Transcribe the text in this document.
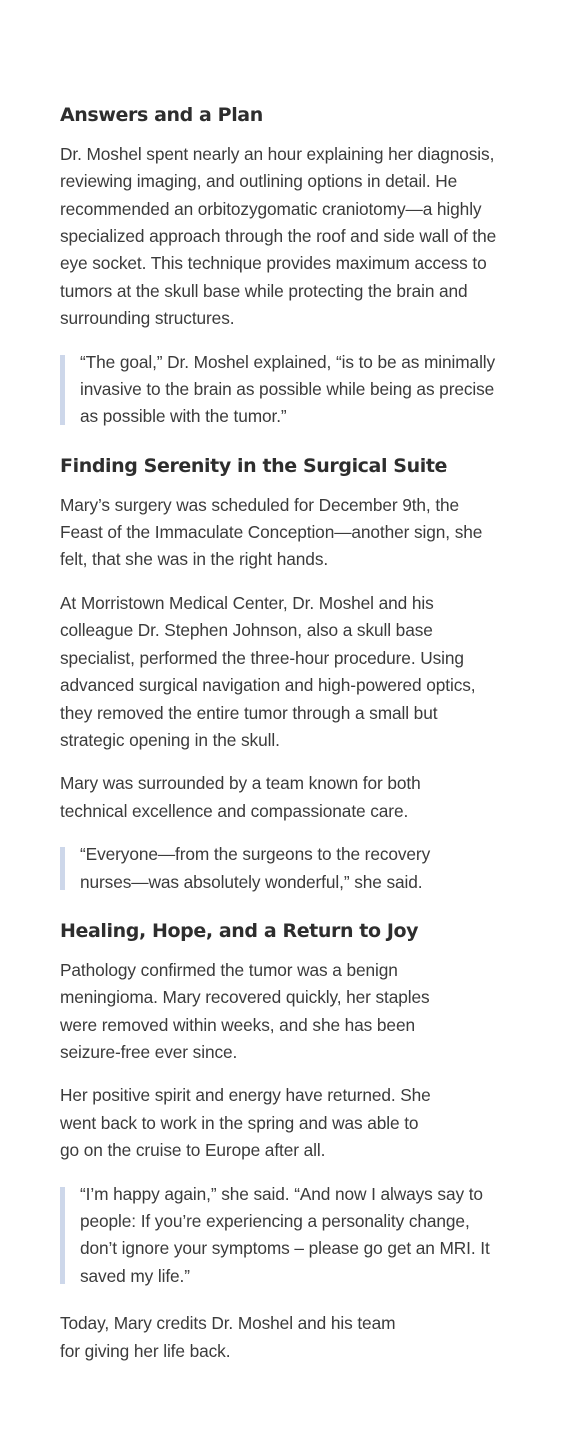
Answers and a Plan

Dr. Moshel spent nearly an hour explaining her diagnosis, reviewing imaging, and outlining options in detail. He recommended an orbitozygomatic craniotomy—a highly specialized approach through the roof and side wall of the eye socket. This technique provides maximum access to tumors at the skull base while protecting the brain and surrounding structures.

“The goal,” Dr. Moshel explained, “is to be as minimally invasive to the brain as possible while being as precise as possible with the tumor.”

Finding Serenity in the Surgical Suite

Mary’s surgery was scheduled for December 9th, the Feast of the Immaculate Conception—another sign, she felt, that she was in the right hands.

At Morristown Medical Center, Dr. Moshel and his colleague Dr. Stephen Johnson, also a skull base specialist, performed the three-hour procedure. Using advanced surgical navigation and high-powered optics, they removed the entire tumor through a small but strategic opening in the skull.

Mary was surrounded by a team known for both technical excellence and compassionate care.

“Everyone—from the surgeons to the recovery nurses—was absolutely wonderful,” she said.

Healing, Hope, and a Return to Joy

Pathology confirmed the tumor was a benign meningioma. Mary recovered quickly, her staples were removed within weeks, and she has been seizure-free ever since.

Her positive spirit and energy have returned. She went back to work in the spring and was able to go on the cruise to Europe after all.

“I’m happy again,” she said. “And now I always say to people: If you’re experiencing a personality change, don’t ignore your symptoms – please go get an MRI. It saved my life.”

Today, Mary credits Dr. Moshel and his team for giving her life back.
